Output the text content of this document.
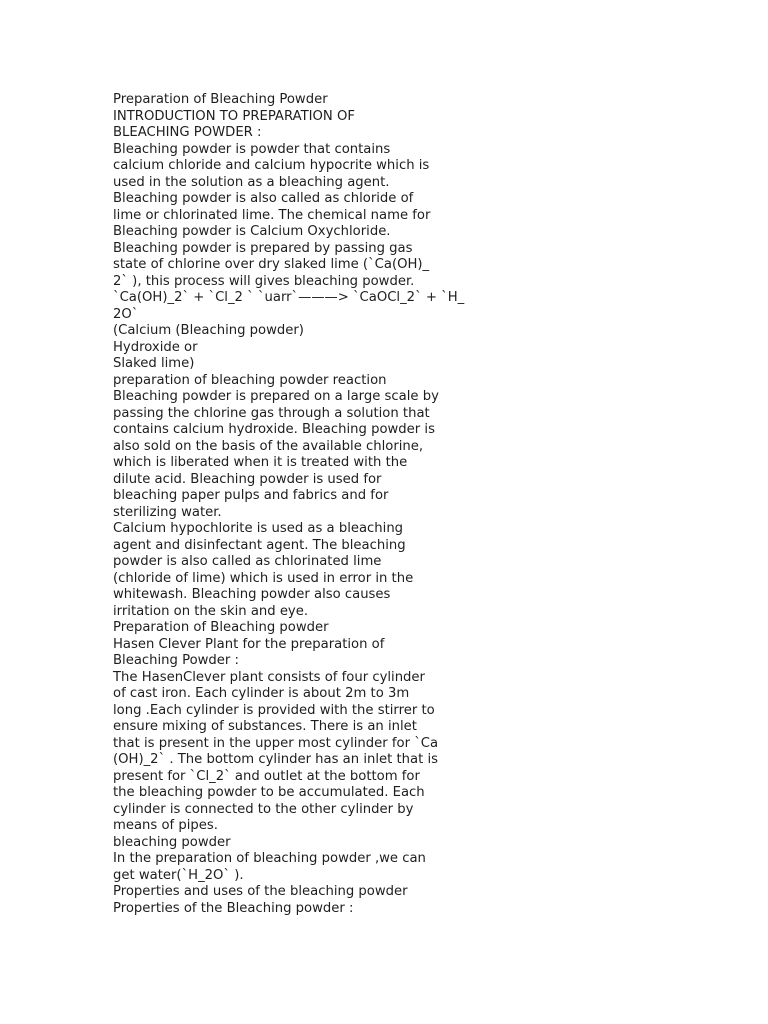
Preparation of Bleaching Powder
INTRODUCTION TO PREPARATION OF
BLEACHING POWDER :
Bleaching powder is powder that contains
calcium chloride and calcium hypocrite which is
used in the solution as a bleaching agent.
Bleaching powder is also called as chloride of
lime or chlorinated lime. The chemical name for
Bleaching powder is Calcium Oxychloride.
Bleaching powder is prepared by passing gas
state of chlorine over dry slaked lime (`Ca(OH)_
2` ), this process will gives bleaching powder.
`Ca(OH)_2` + `Cl_2 ` `uarr`———> `CaOCl_2` + `H_
2O`
(Calcium (Bleaching powder)
Hydroxide or
Slaked lime)
preparation of bleaching powder reaction
Bleaching powder is prepared on a large scale by
passing the chlorine gas through a solution that
contains calcium hydroxide. Bleaching powder is
also sold on the basis of the available chlorine,
which is liberated when it is treated with the
dilute acid. Bleaching powder is used for
bleaching paper pulps and fabrics and for
sterilizing water.
Calcium hypochlorite is used as a bleaching
agent and disinfectant agent. The bleaching
powder is also called as chlorinated lime
(chloride of lime) which is used in error in the
whitewash. Bleaching powder also causes
irritation on the skin and eye.
Preparation of Bleaching powder
Hasen Clever Plant for the preparation of
Bleaching Powder :
The HasenClever plant consists of four cylinder
of cast iron. Each cylinder is about 2m to 3m
long .Each cylinder is provided with the stirrer to
ensure mixing of substances. There is an inlet
that is present in the upper most cylinder for `Ca
(OH)_2` . The bottom cylinder has an inlet that is
present for `Cl_2` and outlet at the bottom for
the bleaching powder to be accumulated. Each
cylinder is connected to the other cylinder by
means of pipes.
bleaching powder
In the preparation of bleaching powder ,we can
get water(`H_2O` ).
Properties and uses of the bleaching powder
Properties of the Bleaching powder :
